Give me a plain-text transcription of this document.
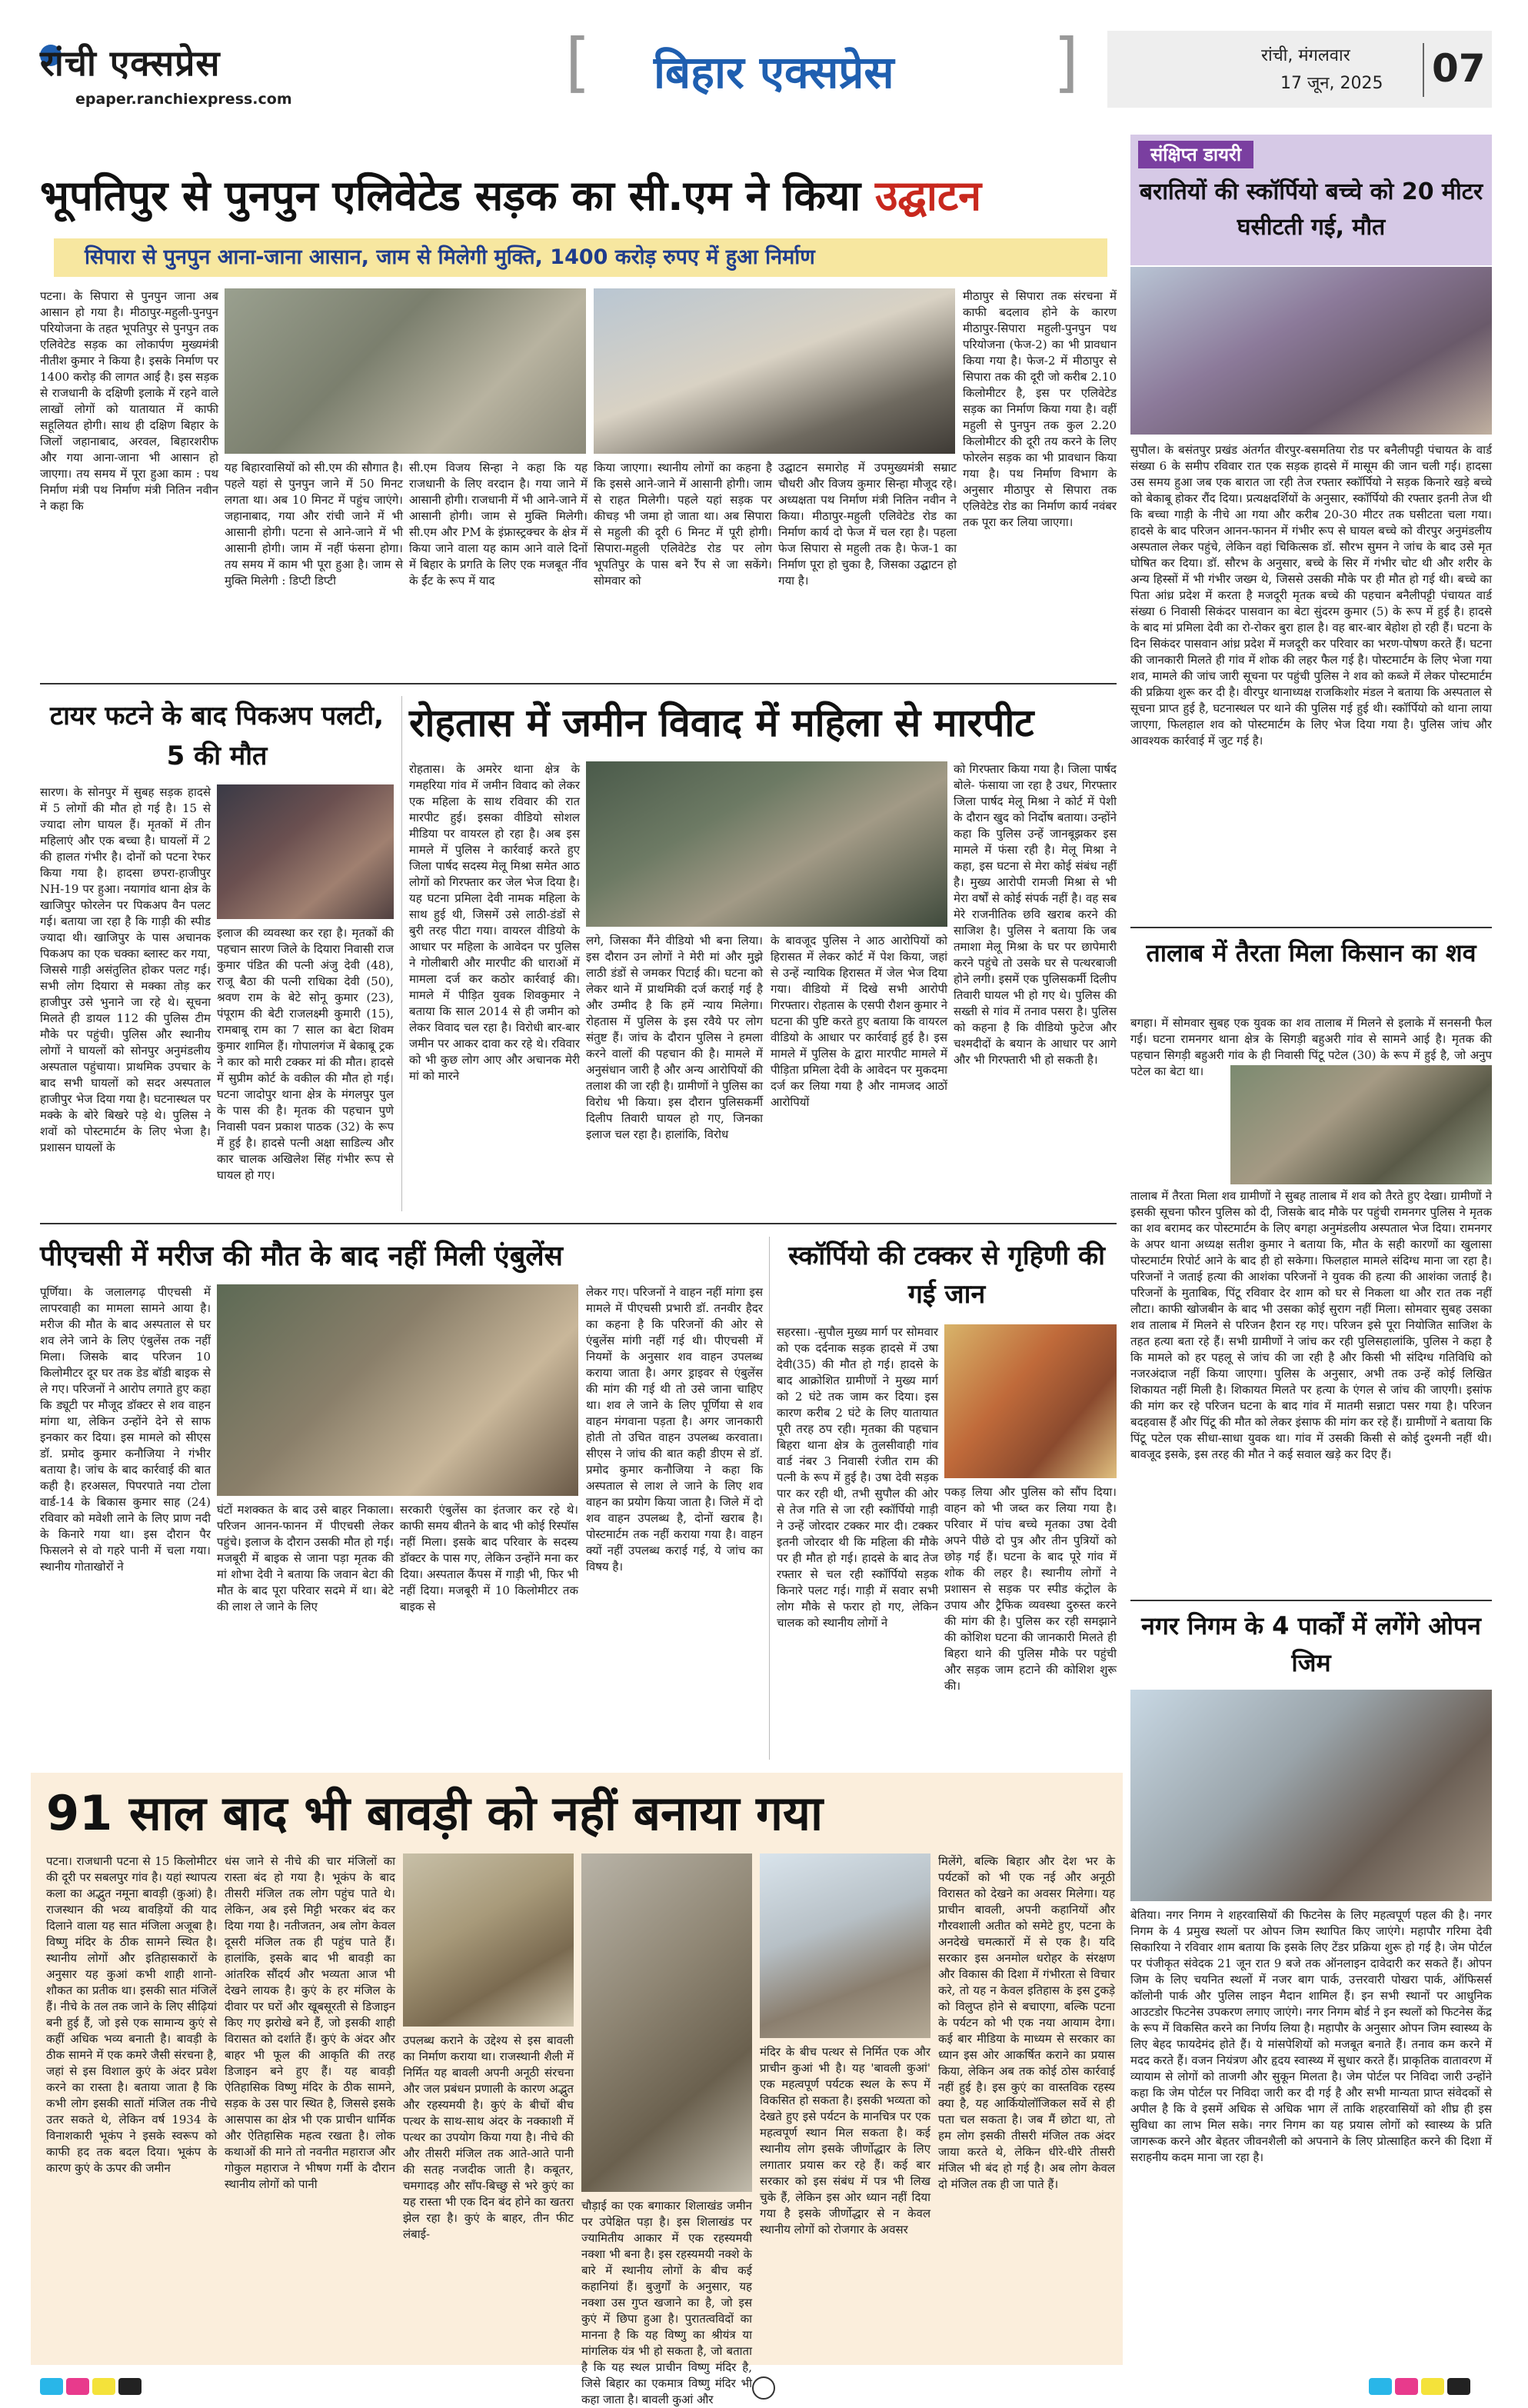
रांची एक्सप्रेस
epaper.ranchiexpress.com	[	]
बिहार एक्सप्रेस	रांची, मंगलवार
17 जून, 2025 07
भूपतिपुर से पुनपुन एलिवेटेड सड़क का सी.एम ने किया उद्घाटन
सिपारा से पुनपुन आना-जाना आसान, जाम से मिलेगी मुक्ति, 1400 करोड़ रुपए में हुआ निर्माण
पटना। के सिपारा से पुनपुन जाना अब आसान हो गया है। मीठापुर-महुली-पुनपुन परियोजना के तहत भूपतिपुर से पुनपुन तक एलिवेटेड सड़क का लोकार्पण मुख्यमंत्री नीतीश कुमार ने किया है। इसके निर्माण पर 1400 करोड़ की लागत आई है। इस सड़क से राजधानी के दक्षिणी इलाके में रहने वाले लाखों लोगों को यातायात में काफी सहूलियत होगी। साथ ही दक्षिण बिहार के जिलों जहानाबाद, अरवल, बिहारशरीफ और गया आना-जाना भी आसान हो जाएगा। तय समय में पूरा हुआ काम : पथ निर्माण मंत्री पथ निर्माण मंत्री नितिन नवीन ने कहा कि
यह बिहारवासियों को सी.एम की सौगात है। पहले यहां से पुनपुन जाने में 50 मिनट लगता था। अब 10 मिनट में पहुंच जाएंगे। जहानाबाद, गया और रांची जाने में भी आसानी होगी। पटना से आने-जाने में भी आसानी होगी। जाम में नहीं फंसना होगा। तय समय में काम भी पूरा हुआ है। जाम से मुक्ति मिलेगी : डिप्टी डिप्टी
सी.एम विजय सिन्हा ने कहा कि यह राजधानी के लिए वरदान है। गया जाने में आसानी होगी। राजधानी में भी आने-जाने में आसानी होगी। जाम से मुक्ति मिलेगी। सी.एम और PM के इंफ्रास्ट्रक्चर के क्षेत्र में किया जाने वाला यह काम आने वाले दिनों में बिहार के प्रगति के लिए एक मजबूत नींव के ईंट के रूप में याद
किया जाएगा। स्थानीय लोगों का कहना है कि इससे आने-जाने में आसानी होगी। जाम से राहत मिलेगी। पहले यहां सड़क पर कीचड़ भी जमा हो जाता था। अब सिपारा से महुली की दूरी 6 मिनट में पूरी होगी। सिपारा-महुली एलिवेटेड रोड पर लोग भूपतिपुर के पास बने रैंप से जा सकेंगे। सोमवार को
उद्घाटन समारोह में उपमुख्यमंत्री सम्राट चौधरी और विजय कुमार सिन्हा मौजूद रहे। अध्यक्षता पथ निर्माण मंत्री नितिन नवीन ने किया। मीठापुर-महुली एलिवेटेड रोड का निर्माण कार्य दो फेज में चल रहा है। पहला फेज सिपारा से महुली तक है। फेज-1 का निर्माण पूरा हो चुका है, जिसका उद्घाटन हो गया है।
मीठापुर से सिपारा तक संरचना में काफी बदलाव होने के कारण मीठापुर-सिपारा महुली-पुनपुन पथ परियोजना (फेज-2) का भी प्रावधान किया गया है। फेज-2 में मीठापुर से सिपारा तक की दूरी जो करीब 2.10 किलोमीटर है, इस पर एलिवेटेड सड़क का निर्माण किया गया है। वहीं महुली से पुनपुन तक कुल 2.20 किलोमीटर की दूरी तय करने के लिए फोरलेन सड़क का भी प्रावधान किया गया है। पथ निर्माण विभाग के अनुसार मीठापुर से सिपारा तक एलिवेटेड रोड का निर्माण कार्य नवंबर तक पूरा कर लिया जाएगा।
टायर फटने के बाद पिकअप पलटी, 5 की मौत
सारण। के सोनपुर में सुबह सड़क हादसे में 5 लोगों की मौत हो गई है। 15 से ज्यादा लोग घायल हैं। मृतकों में तीन महिलाएं और एक बच्चा है। घायलों में 2 की हालत गंभीर है। दोनों को पटना रेफर किया गया है। हादसा छपरा-हाजीपुर NH-19 पर हुआ। नयागांव थाना क्षेत्र के खाजिपुर फोरलेन पर पिकअप वैन पलट गई। बताया जा रहा है कि गाड़ी की स्पीड ज्यादा थी। खाजिपुर के पास अचानक पिकअप का एक चक्का ब्लास्ट कर गया, जिससे गाड़ी असंतुलित होकर पलट गई। सभी लोग दियारा से मक्का तोड़ कर हाजीपुर उसे भुनाने जा रहे थे। सूचना मिलते ही डायल 112 की पुलिस टीम मौके पर पहुंची। पुलिस और स्थानीय लोगों ने घायलों को सोनपुर अनुमंडलीय अस्पताल पहुंचाया। प्राथमिक उपचार के बाद सभी घायलों को सदर अस्पताल हाजीपुर भेज दिया गया है। घटनास्थल पर मक्के के बोरे बिखरे पड़े थे। पुलिस ने शवों को पोस्टमार्टम के लिए भेजा है। प्रशासन घायलों के
इलाज की व्यवस्था कर रहा है। मृतकों की पहचान सारण जिले के दियारा निवासी राज कुमार पंडित की पत्नी अंजु देवी (48), राजू बैठा की पत्नी राधिका देवी (50), श्रवण राम के बेटे सोनू कुमार (23), पंपूराम की बेटी राजलक्ष्मी कुमारी (15), रामबाबू राम का 7 साल का बेटा शिवम कुमार शामिल हैं। गोपालगंज में बेकाबू ट्रक ने कार को मारी टक्कर मां की मौत। हादसे में सुप्रीम कोर्ट के वकील की मौत हो गई। घटना जादोपुर थाना क्षेत्र के मंगलपुर पुल के पास की है। मृतक की पहचान पुणे निवासी पवन प्रकाश पाठक (32) के रूप में हुई है। हादसे पत्नी अक्षा साडिल्य और कार चालक अखिलेश सिंह गंभीर रूप से घायल हो गए।
रोहतास में जमीन विवाद में महिला से मारपीट
रोहतास। के अमरेर थाना क्षेत्र के गमहरिया गांव में जमीन विवाद को लेकर एक महिला के साथ रविवार की रात मारपीट हुई। इसका वीडियो सोशल मीडिया पर वायरल हो रहा है। अब इस मामले में पुलिस ने कार्रवाई करते हुए जिला पार्षद सदस्य मेलू मिश्रा समेत आठ लोगों को गिरफ्तार कर जेल भेज दिया है। यह घटना प्रमिला देवी नामक महिला के साथ हुई थी, जिसमें उसे लाठी-डंडों से बुरी तरह पीटा गया। वायरल वीडियो के आधार पर महिला के आवेदन पर पुलिस ने गोलीबारी और मारपीट की धाराओं में मामला दर्ज कर कठोर कार्रवाई की। मामले में पीड़ित युवक शिवकुमार ने बताया कि साल 2014 से ही जमीन को लेकर विवाद चल रहा है। विरोधी बार-बार जमीन पर आकर दावा कर रहे थे। रविवार को भी कुछ लोग आए और अचानक मेरी मां को मारने
लगे, जिसका मैंने वीडियो भी बना लिया। इस दौरान उन लोगों ने मेरी मां और मुझे लाठी डंडों से जमकर पिटाई की। घटना को लेकर थाने में प्राथमिकी दर्ज कराई गई है और उम्मीद है कि हमें न्याय मिलेगा। रोहतास में पुलिस के इस रवैये पर लोग संतुष्ट हैं। जांच के दौरान पुलिस ने हमला करने वालों की पहचान की है। मामले में अनुसंधान जारी है और अन्य आरोपियों की तलाश की जा रही है। ग्रामीणों ने पुलिस का विरोध भी किया। इस दौरान पुलिसकर्मी दिलीप तिवारी घायल हो गए, जिनका इलाज चल रहा है। हालांकि, विरोध
के बावजूद पुलिस ने आठ आरोपियों को हिरासत में लेकर कोर्ट में पेश किया, जहां से उन्हें न्यायिक हिरासत में जेल भेज दिया गया। वीडियो में दिखे सभी आरोपी गिरफ्तार। रोहतास के एसपी रौशन कुमार ने घटना की पुष्टि करते हुए बताया कि वायरल वीडियो के आधार पर कार्रवाई हुई है। इस मामले में पुलिस के द्वारा मारपीट मामले में पीड़िता प्रमिला देवी के आवेदन पर मुकदमा दर्ज कर लिया गया है और नामजद आठों आरोपियों
को गिरफ्तार किया गया है। जिला पार्षद बोले- फंसाया जा रहा है उधर, गिरफ्तार जिला पार्षद मेलू मिश्रा ने कोर्ट में पेशी के दौरान खुद को निर्दोष बताया। उन्होंने कहा कि पुलिस उन्हें जानबूझकर इस मामले में फंसा रही है। मेलू मिश्रा ने कहा, इस घटना से मेरा कोई संबंध नहीं है। मुख्य आरोपी रामजी मिश्रा से भी मेरा वर्षों से कोई संपर्क नहीं है। वह सब मेरे राजनीतिक छवि खराब करने की साजिश है। पुलिस ने बताया कि जब तमाशा मेलू मिश्रा के घर पर छापेमारी करने पहुंचे तो उसके घर से पत्थरबाजी होने लगी। इसमें एक पुलिसकर्मी दिलीप तिवारी घायल भी हो गए थे। पुलिस की सख्ती से गांव में तनाव पसरा है। पुलिस को कहना है कि वीडियो फुटेज और चश्मदीदों के बयान के आधार पर आगे और भी गिरफ्तारी भी हो सकती है।
पीएचसी में मरीज की मौत के बाद नहीं मिली एंबुलेंस
पूर्णिया। के जलालगढ़ पीएचसी में लापरवाही का मामला सामने आया है। मरीज की मौत के बाद अस्पताल से घर शव लेने जाने के लिए एंबुलेंस तक नहीं मिला। जिसके बाद परिजन 10 किलोमीटर दूर घर तक डेड बॉडी बाइक से ले गए। परिजनों ने आरोप लगाते हुए कहा कि ड्यूटी पर मौजूद डॉक्टर से शव वाहन मांगा था, लेकिन उन्होंने देने से साफ इनकार कर दिया। इस मामले को सीएस डॉ. प्रमोद कुमार कनौजिया ने गंभीर बताया है। जांच के बाद कार्रवाई की बात कही है। हरअसल, पिपरपाते नया टोला वार्ड-14 के बिकास कुमार साह (24) रविवार को मवेशी लाने के लिए प्राण नदी के किनारे गया था। इस दौरान पैर फिसलने से वो गहरे पानी में चला गया। स्थानीय गोताखोरों ने
घंटों मशक्कत के बाद उसे बाहर निकाला। परिजन आनन-फानन में पीएचसी लेकर पहुंचे। इलाज के दौरान उसकी मौत हो गई। मजबूरी में बाइक से जाना पड़ा मृतक की मां शोभा देवी ने बताया कि जवान बेटा की मौत के बाद पूरा परिवार सदमे में था। बेटे की लाश ले जाने के लिए
सरकारी एंबुलेंस का इंतजार कर रहे थे। काफी समय बीतने के बाद भी कोई रिस्पॉस नहीं मिला। इसके बाद परिवार के सदस्य डॉक्टर के पास गए, लेकिन उन्होंने मना कर दिया। अस्पताल कैंपस में गाड़ी भी, फिर भी नहीं दिया। मजबूरी में 10 किलोमीटर तक बाइक से
लेकर गए। परिजनों ने वाहन नहीं मांगा इस मामले में पीएचसी प्रभारी डॉ. तनवीर हैदर का कहना है कि परिजनों की ओर से एंबुलेंस मांगी नहीं गई थी। पीएचसी में नियमों के अनुसार शव वाहन उपलब्ध कराया जाता है। अगर ड्राइवर से एंबुलेंस की मांग की गई थी तो उसे जाना चाहिए था। शव ले जाने के लिए पूर्णिया से शव वाहन मंगवाना पड़ता है। अगर जानकारी होती तो उचित वाहन उपलब्ध करवाता। सीएस ने जांच की बात कही डीएम से डॉ. प्रमोद कुमार कनौजिया ने कहा कि अस्पताल से लाश ले जाने के लिए शव वाहन का प्रयोग किया जाता है। जिले में दो शव वाहन उपलब्ध है, दोनों खराब है। पोस्टमार्टम तक नहीं कराया गया है। वाहन क्यों नहीं उपलब्ध कराई गई, ये जांच का विषय है।
स्कॉर्पियो की टक्कर से गृहिणी की गई जान
सहरसा। -सुपौल मुख्य मार्ग पर सोमवार को एक दर्दनाक सड़क हादसे में उषा देवी(35) की मौत हो गई। हादसे के बाद आक्रोशित ग्रामीणों ने मुख्य मार्ग को 2 घंटे तक जाम कर दिया। इस कारण करीब 2 घंटे के लिए यातायात पूरी तरह ठप रही। मृतका की पहचान बिहरा थाना क्षेत्र के तुलसीवाही गांव वार्ड नंबर 3 निवासी रंजीत राम की पत्नी के रूप में हुई है। उषा देवी सड़क पार कर रही थी, तभी सुपौल की ओर से तेज गति से जा रही स्कॉर्पियो गाड़ी ने उन्हें जोरदार टक्कर मार दी। टक्कर इतनी जोरदार थी कि महिला की मौके पर ही मौत हो गई। हादसे के बाद तेज रफ्तार से चल रही स्कॉर्पियो सड़क किनारे पलट गई। गाड़ी में सवार सभी लोग मौके से फरार हो गए, लेकिन चालक को स्थानीय लोगों ने
पकड़ लिया और पुलिस को सौंप दिया। वाहन को भी जब्त कर लिया गया है। परिवार में पांच बच्चे मृतका उषा देवी अपने पीछे दो पुत्र और तीन पुत्रियों को छोड़ गई हैं। घटना के बाद पूरे गांव में शोक की लहर है। स्थानीय लोगों ने प्रशासन से सड़क पर स्पीड कंट्रोल के उपाय और ट्रैफिक व्यवस्था दुरुस्त करने की मांग की है। पुलिस कर रही समझाने की कोशिश घटना की जानकारी मिलते ही बिहरा थाने की पुलिस मौके पर पहुंची और सड़क जाम हटाने की कोशिश शुरू की।
91 साल बाद भी बावड़ी को नहीं बनाया गया
पटना। राजधानी पटना से 15 किलोमीटर की दूरी पर सबलपुर गांव है। यहां स्थापत्य कला का अद्भुत नमूना बावड़ी (कुआं) है। राजस्थान की भव्य बावड़ियों की याद दिलाने वाला यह सात मंजिला अजूबा है। विष्णु मंदिर के ठीक सामने स्थित है। स्थानीय लोगों और इतिहासकारों के अनुसार यह कुआं कभी शाही शानो-शौकत का प्रतीक था। इसकी सात मंजिलें हैं। नीचे के तल तक जाने के लिए सीढ़ियां बनी हुई हैं, जो इसे एक सामान्य कुएं से कहीं अधिक भव्य बनाती है। बावड़ी के ठीक सामने में एक कमरे जैसी संरचना है, जहां से इस विशाल कुएं के अंदर प्रवेश करने का रास्ता है। बताया जाता है कि कभी लोग इसकी सातों मंजिल तक नीचे उतर सकते थे, लेकिन वर्ष 1934 के विनाशकारी भूकंप ने इसके स्वरूप को काफी हद तक बदल दिया। भूकंप के कारण कुएं के ऊपर की जमीन
धंस जाने से नीचे की चार मंजिलों का रास्ता बंद हो गया है। भूकंप के बाद तीसरी मंजिल तक लोग पहुंच पाते थे। लेकिन, अब इसे मिट्टी भरकर बंद कर दिया गया है। नतीजतन, अब लोग केवल दूसरी मंजिल तक ही पहुंच पाते हैं। हालांकि, इसके बाद भी बावड़ी का आंतरिक सौंदर्य और भव्यता आज भी देखने लायक है। कुएं के हर मंजिल के दीवार पर घरों और खूबसूरती से डिजाइन किए गए झरोखे बने हैं, जो इसकी शाही विरासत को दर्शाते हैं। कुएं के अंदर और बाहर भी फूल की आकृति की तरह डिजाइन बने हुए हैं। यह बावड़ी ऐतिहासिक विष्णु मंदिर के ठीक सामने, सड़क के उस पार स्थित है, जिससे इसके आसपास का क्षेत्र भी एक प्राचीन धार्मिक और ऐतिहासिक महत्व रखता है। लोक कथाओं की माने तो नवनीत महाराज और गोकुल महाराज ने भीषण गर्मी के दौरान स्थानीय लोगों को पानी
उपलब्ध कराने के उद्देश्य से इस बावली का निर्माण कराया था। राजस्थानी शैली में निर्मित यह बावली अपनी अनूठी संरचना और जल प्रबंधन प्रणाली के कारण अद्भुत और रहस्यमयी है। कुएं के बीचों बीच पत्थर के साथ-साथ अंदर के नक्काशी में पत्थर का उपयोग किया गया है। नीचे की और तीसरी मंजिल तक आते-आते पानी की सतह नजदीक जाती है। कबूतर, चमगादड़ और साँप-बिच्छु से भरे कुएं का यह रास्ता भी एक दिन बंद होने का खतरा झेल रहा है। कुएं के बाहर, तीन फीट लंबाई-
चौड़ाई का एक बगाकार शिलाखंड जमीन पर उपेक्षित पड़ा है। इस शिलाखंड पर ज्यामितीय आकार में एक रहस्यमयी नक्शा भी बना है। इस रहस्यमयी नक्शे के बारे में स्थानीय लोगों के बीच कई कहानियां हैं। बुजुर्गों के अनुसार, यह नक्शा उस गुप्त खजाने का है, जो इस कुएं में छिपा हुआ है। पुरातत्वविदों का मानना है कि यह विष्णु का श्रीयंत्र या मांगलिक यंत्र भी हो सकता है, जो बताता है कि यह स्थल प्राचीन विष्णु मंदिर है, जिसे बिहार का एकमात्र विष्णु मंदिर भी कहा जाता है। बावली कुआं और
मंदिर के बीच पत्थर से निर्मित एक और प्राचीन कुआं भी है। यह 'बावली कुआं' एक महत्वपूर्ण पर्यटक स्थल के रूप में विकसित हो सकता है। इसकी भव्यता को देखते हुए इसे पर्यटन के मानचित्र पर एक महत्वपूर्ण स्थान मिल सकता है। कई स्थानीय लोग इसके जीर्णोद्धार के लिए लगातार प्रयास कर रहे हैं। कई बार सरकार को इस संबंध में पत्र भी लिख चुके हैं, लेकिन इस ओर ध्यान नहीं दिया गया है इसके जीर्णोद्धार से न केवल स्थानीय लोगों को रोजगार के अवसर
मिलेंगे, बल्कि बिहार और देश भर के पर्यटकों को भी एक नई और अनूठी विरासत को देखने का अवसर मिलेगा। यह प्राचीन बावली, अपनी कहानियों और गौरवशाली अतीत को समेटे हुए, पटना के अनदेखे चमत्कारों में से एक है। यदि सरकार इस अनमोल धरोहर के संरक्षण और विकास की दिशा में गंभीरता से विचार करे, तो यह न केवल इतिहास के इस टुकड़े को विलुप्त होने से बचाएगा, बल्कि पटना के पर्यटन को भी एक नया आयाम देगा। कई बार मीडिया के माध्यम से सरकार का ध्यान इस ओर आकर्षित कराने का प्रयास किया, लेकिन अब तक कोई ठोस कार्रवाई नहीं हुई है। इस कुएं का वास्तविक रहस्य क्या है, यह आर्कियोलॉजिकल सर्वे से ही पता चल सकता है। जब मैं छोटा था, तो हम लोग इसकी तीसरी मंजिल तक अंदर जाया करते थे, लेकिन धीरे-धीरे तीसरी मंजिल भी बंद हो गई है। अब लोग केवल दो मंजिल तक ही जा पाते हैं।
संक्षिप्त डायरी
बरातियों की स्कॉर्पियो बच्चे को 20 मीटर घसीटती गई, मौत
सुपौल। के बसंतपुर प्रखंड अंतर्गत वीरपुर-बसमतिया रोड पर बनैलीपट्टी पंचायत के वार्ड संख्या 6 के समीप रविवार रात एक सड़क हादसे में मासूम की जान चली गई। हादसा उस समय हुआ जब एक बारात जा रही तेज रफ्तार स्कॉर्पियो ने सड़क किनारे खड़े बच्चे को बेकाबू होकर रौंद दिया। प्रत्यक्षदर्शियों के अनुसार, स्कॉर्पियो की रफ्तार इतनी तेज थी कि बच्चा गाड़ी के नीचे आ गया और करीब 20-30 मीटर तक घसीटता चला गया। हादसे के बाद परिजन आनन-फानन में गंभीर रूप से घायल बच्चे को वीरपुर अनुमंडलीय अस्पताल लेकर पहुंचे, लेकिन वहां चिकित्सक डॉ. सौरभ सुमन ने जांच के बाद उसे मृत घोषित कर दिया। डॉ. सौरभ के अनुसार, बच्चे के सिर में गंभीर चोट थी और शरीर के अन्य हिस्सों में भी गंभीर जख्म थे, जिससे उसकी मौके पर ही मौत हो गई थी। बच्चे का पिता आंध्र प्रदेश में करता है मजदूरी मृतक बच्चे की पहचान बनैलीपट्टी पंचायत वार्ड संख्या 6 निवासी सिकंदर पासवान का बेटा सुंदरम कुमार (5) के रूप में हुई है। हादसे के बाद मां प्रमिला देवी का रो-रोकर बुरा हाल है। वह बार-बार बेहोश हो रही हैं। घटना के दिन सिकंदर पासवान आंध्र प्रदेश में मजदूरी कर परिवार का भरण-पोषण करते हैं। घटना की जानकारी मिलते ही गांव में शोक की लहर फैल गई है। पोस्टमार्टम के लिए भेजा गया शव, मामले की जांच जारी सूचना पर पहुंची पुलिस ने शव को कब्जे में लेकर पोस्टमार्टम की प्रक्रिया शुरू कर दी है। वीरपुर थानाध्यक्ष राजकिशोर मंडल ने बताया कि अस्पताल से सूचना प्राप्त हुई है, घटनास्थल पर थाने की पुलिस गई हुई थी। स्कॉर्पियो को थाना लाया जाएगा, फिलहाल शव को पोस्टमार्टम के लिए भेज दिया गया है। पुलिस जांच और आवश्यक कार्रवाई में जुट गई है।
तालाब में तैरता मिला किसान का शव
बगहा। में सोमवार सुबह एक युवक का शव तालाब में मिलने से इलाके में सनसनी फैल गई। घटना रामनगर थाना क्षेत्र के सिगड़ी बहुअरी गांव से सामने आई है। मृतक की पहचान सिगड़ी बहुअरी गांव के ही निवासी पिंटू पटेल (30) के रूप में हुई है, जो अनुप पटेल का बेटा था।
तालाब में तैरता मिला शव ग्रामीणों ने सुबह तालाब में शव को तैरते हुए देखा। ग्रामीणों ने इसकी सूचना फौरन पुलिस को दी, जिसके बाद मौके पर पहुंची रामनगर पुलिस ने मृतक का शव बरामद कर पोस्टमार्टम के लिए बगहा अनुमंडलीय अस्पताल भेज दिया। रामनगर के अपर थाना अध्यक्ष सतीश कुमार ने बताया कि, मौत के सही कारणों का खुलासा पोस्टमार्टम रिपोर्ट आने के बाद ही हो सकेगा। फिलहाल मामले संदिग्ध माना जा रहा है। परिजनों ने जताई हत्या की आशंका परिजनों ने युवक की हत्या की आशंका जताई है। परिजनों के मुताबिक, पिंटू रविवार देर शाम को घर से निकला था और रात तक नहीं लौटा। काफी खोजबीन के बाद भी उसका कोई सुराग नहीं मिला। सोमवार सुबह उसका शव तालाब में मिलने से परिजन हैरान रह गए। परिजन इसे पूरा नियोजित साजिश के तहत हत्या बता रहे हैं। सभी ग्रामीणों ने जांच कर रही पुलिसहालांकि, पुलिस ने कहा है कि मामले को हर पहलू से जांच की जा रही है और किसी भी संदिग्ध गतिविधि को नजरअंदाज नहीं किया जाएगा। पुलिस के अनुसार, अभी तक उन्हें कोई लिखित शिकायत नहीं मिली है। शिकायत मिलते पर हत्या के एंगल से जांच की जाएगी। इसांफ की मांग कर रहे परिजन घटना के बाद गांव में मातमी सन्नाटा पसर गया है। परिजन बदहवास हैं और पिंटू की मौत को लेकर इंसाफ की मांग कर रहे हैं। ग्रामीणों ने बताया कि पिंटू पटेल एक सीधा-साधा युवक था। गांव में उसकी किसी से कोई दुश्मनी नहीं थी। बावजूद इसके, इस तरह की मौत ने कई सवाल खड़े कर दिए हैं।
नगर निगम के 4 पार्कों में लगेंगे ओपन जिम
बेतिया। नगर निगम ने शहरवासियों की फिटनेस के लिए महत्वपूर्ण पहल की है। नगर निगम के 4 प्रमुख स्थलों पर ओपन जिम स्थापित किए जाएंगे। महापौर गरिमा देवी सिकारिया ने रविवार शाम बताया कि इसके लिए टेंडर प्रक्रिया शुरू हो गई है। जेम पोर्टल पर पंजीकृत संवेदक 21 जून रात 9 बजे तक ऑनलाइन दावेदारी कर सकते हैं। ओपन जिम के लिए चयनित स्थलों में नजर बाग पार्क, उत्तरवारी पोखरा पार्क, ऑफिसर्स कॉलोनी पार्क और पुलिस लाइन मैदान शामिल हैं। इन सभी स्थानों पर आधुनिक आउटडोर फिटनेस उपकरण लगाए जाएंगे। नगर निगम बोर्ड ने इन स्थलों को फिटनेस केंद्र के रूप में विकसित करने का निर्णय लिया है। महापौर के अनुसार ओपन जिम स्वास्थ्य के लिए बेहद फायदेमंद होते हैं। ये मांसपेशियों को मजबूत बनाते हैं। तनाव कम करने में मदद करते हैं। वजन नियंत्रण और हृदय स्वास्थ्य में सुधार करते हैं। प्राकृतिक वातावरण में व्यायाम से लोगों को ताजगी और सुकून मिलता है। जेम पोर्टल पर निविदा जारी उन्होंने कहा कि जेम पोर्टल पर निविदा जारी कर दी गई है और सभी मान्यता प्राप्त संवेदकों से अपील है कि वे इसमें अधिक से अधिक भाग लें ताकि शहरवासियों को शीघ्र ही इस सुविधा का लाभ मिल सके। नगर निगम का यह प्रयास लोगों को स्वास्थ्य के प्रति जागरूक करने और बेहतर जीवनशैली को अपनाने के लिए प्रोत्साहित करने की दिशा में सराहनीय कदम माना जा रहा है।
